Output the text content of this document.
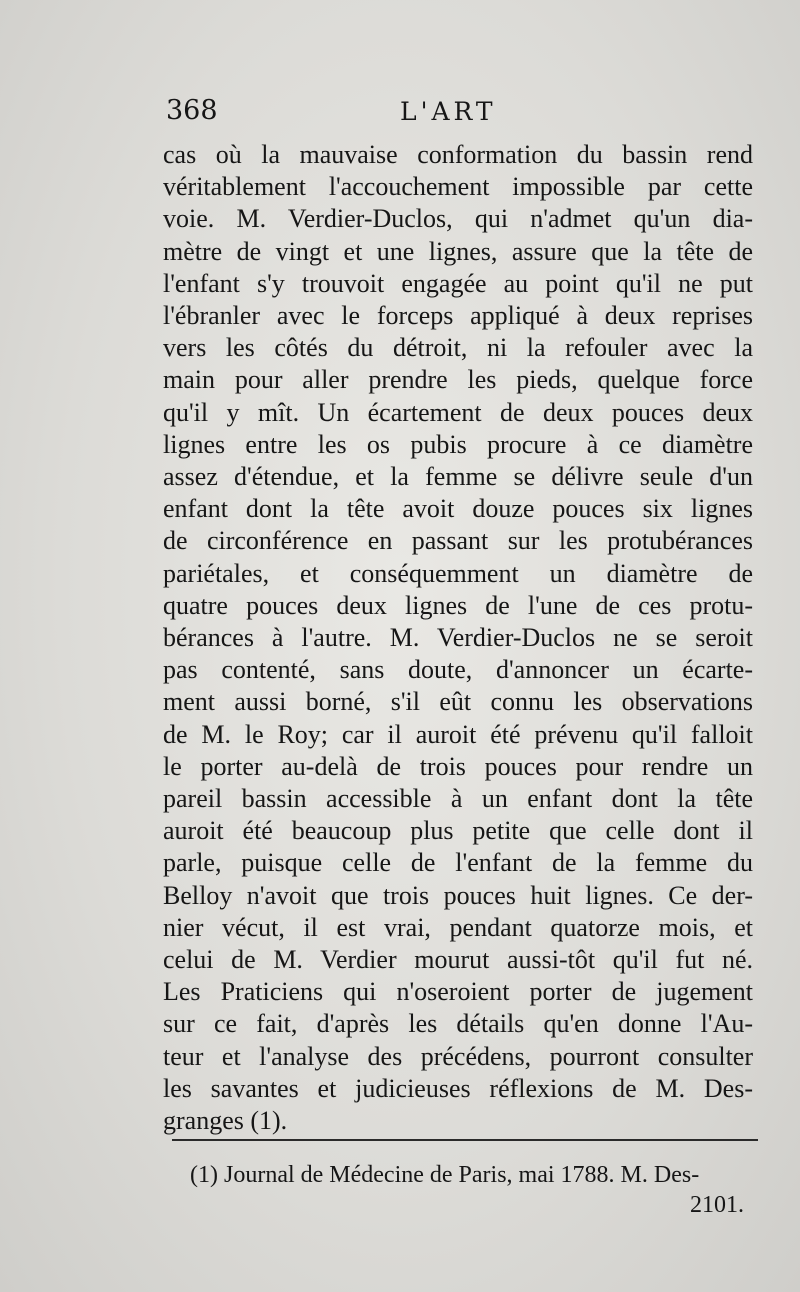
368	L'ART
cas où la mauvaise conformation du bassin rend
véritablement l'accouchement impossible par cette
voie. M. Verdier-Duclos, qui n'admet qu'un dia-
mètre de vingt et une lignes, assure que la tête de
l'enfant s'y trouvoit engagée au point qu'il ne put
l'ébranler avec le forceps appliqué à deux reprises
vers les côtés du détroit, ni la refouler avec la
main pour aller prendre les pieds, quelque force
qu'il y mît. Un écartement de deux pouces deux
lignes entre les os pubis procure à ce diamètre
assez d'étendue, et la femme se délivre seule d'un
enfant dont la tête avoit douze pouces six lignes
de circonférence en passant sur les protubérances
pariétales, et conséquemment un diamètre de
quatre pouces deux lignes de l'une de ces protu-
bérances à l'autre. M. Verdier-Duclos ne se seroit
pas contenté, sans doute, d'annoncer un écarte-
ment aussi borné, s'il eût connu les observations
de M. le Roy; car il auroit été prévenu qu'il falloit
le porter au-delà de trois pouces pour rendre un
pareil bassin accessible à un enfant dont la tête
auroit été beaucoup plus petite que celle dont il
parle, puisque celle de l'enfant de la femme du
Belloy n'avoit que trois pouces huit lignes. Ce der-
nier vécut, il est vrai, pendant quatorze mois, et
celui de M. Verdier mourut aussi-tôt qu'il fut né.
Les Praticiens qui n'oseroient porter de jugement
sur ce fait, d'après les détails qu'en donne l'Au-
teur et l'analyse des précédens, pourront consulter
les savantes et judicieuses réflexions de M. Des-
granges (1).
(1) Journal de Médecine de Paris, mai 1788. M. Des-
2101.
